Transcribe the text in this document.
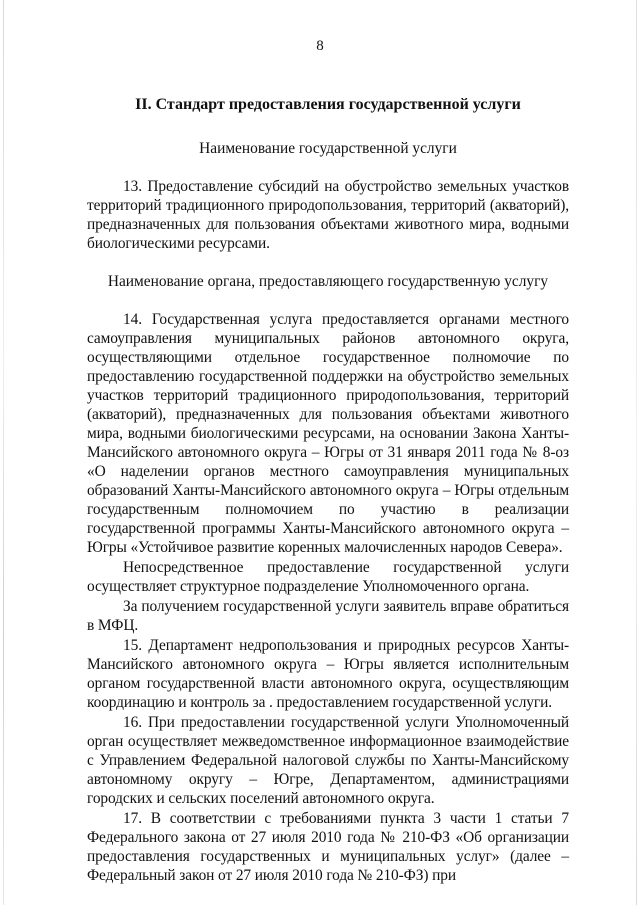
8
II. Стандарт предоставления государственной услуги
Наименование государственной услуги

13. Предоставление субсидий на обустройство земельных участков территорий традиционного природопользования, территорий (акваторий), предназначенных для пользования объектами животного мира, водными биологическими ресурсами.

Наименование органа, предоставляющего государственную услугу

14. Государственная услуга предоставляется органами местного самоуправления муниципальных районов автономного округа, осуществляющими отдельное государственное полномочие по предоставлению государственной поддержки на обустройство земельных участков территорий традиционного природопользования, территорий (акваторий), предназначенных для пользования объектами животного мира, водными биологическими ресурсами, на основании Закона Ханты-Мансийского автономного округа – Югры от 31 января 2011 года № 8-оз «О наделении органов местного самоуправления муниципальных образований Ханты-Мансийского автономного округа – Югры отдельным государственным полномочием по участию в реализации государственной программы Ханты-Мансийского автономного округа – Югры «Устойчивое развитие коренных малочисленных народов Севера».

Непосредственное предоставление государственной услуги осуществляет структурное подразделение Уполномоченного органа.

За получением государственной услуги заявитель вправе обратиться в МФЦ.

15. Департамент недропользования и природных ресурсов Ханты-Мансийского автономного округа – Югры является исполнительным органом государственной власти автономного округа, осуществляющим координацию и контроль за . предоставлением государственной услуги.

16. При предоставлении государственной услуги Уполномоченный орган осуществляет межведомственное информационное взаимодействие с Управлением Федеральной налоговой службы по Ханты-Мансийскому автономному округу – Югре, Департаментом, администрациями городских и сельских поселений автономного округа.

17. В соответствии с требованиями пункта 3 части 1 статьи 7 Федерального закона от 27 июля 2010 года № 210-ФЗ «Об организации предоставления государственных и муниципальных услуг» (далее – Федеральный закон от 27 июля 2010 года № 210-ФЗ) при
